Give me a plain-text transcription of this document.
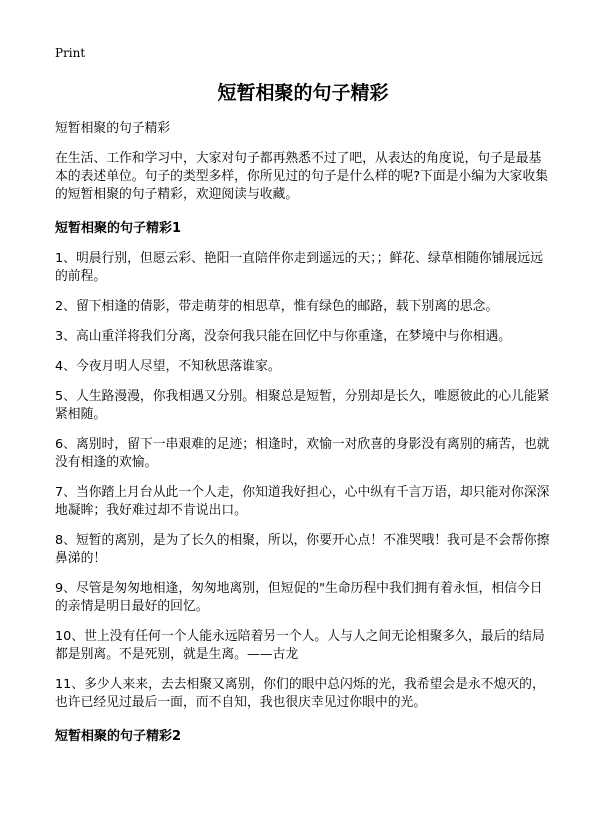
Print
短暂相聚的句子精彩

短暂相聚的句子精彩

在生活、工作和学习中，大家对句子都再熟悉不过了吧，从表达的角度说，句子是最基本的表述单位。句子的类型多样，你所见过的句子是什么样的呢?下面是小编为大家收集的短暂相聚的句子精彩，欢迎阅读与收藏。

短暂相聚的句子精彩1

1、明晨行别，但愿云彩、艳阳一直陪伴你走到遥远的天；；鲜花、绿草相随你铺展远远的前程。

2、留下相逢的倩影，带走萌芽的相思草，惟有绿色的邮路，载下别离的思念。

3、高山重洋将我们分离，没奈何我只能在回忆中与你重逢，在梦境中与你相遇。

4、今夜月明人尽望，不知秋思落谁家。

5、人生路漫漫，你我相遇又分别。相聚总是短暂，分别却是长久，唯愿彼此的心儿能紧紧相随。

6、离别时，留下一串艰难的足迹；相逢时，欢愉一对欣喜的身影没有离别的痛苦，也就没有相逢的欢愉。

7、当你踏上月台从此一个人走，你知道我好担心，心中纵有千言万语，却只能对你深深地凝眸；我好难过却不肯说出口。

8、短暂的离别，是为了长久的相聚，所以，你要开心点！不准哭哦！我可是不会帮你擦鼻涕的！

9、尽管是匆匆地相逢，匆匆地离别，但短促的"生命历程中我们拥有着永恒，相信今日的亲情是明日最好的回忆。

10、世上没有任何一个人能永远陪着另一个人。人与人之间无论相聚多久，最后的结局都是别离。不是死别，就是生离。——古龙

11、多少人来来，去去相聚又离别，你们的眼中总闪烁的光，我希望会是永不熄灭的，也许已经见过最后一面，而不自知，我也很庆幸见过你眼中的光。

短暂相聚的句子精彩2
